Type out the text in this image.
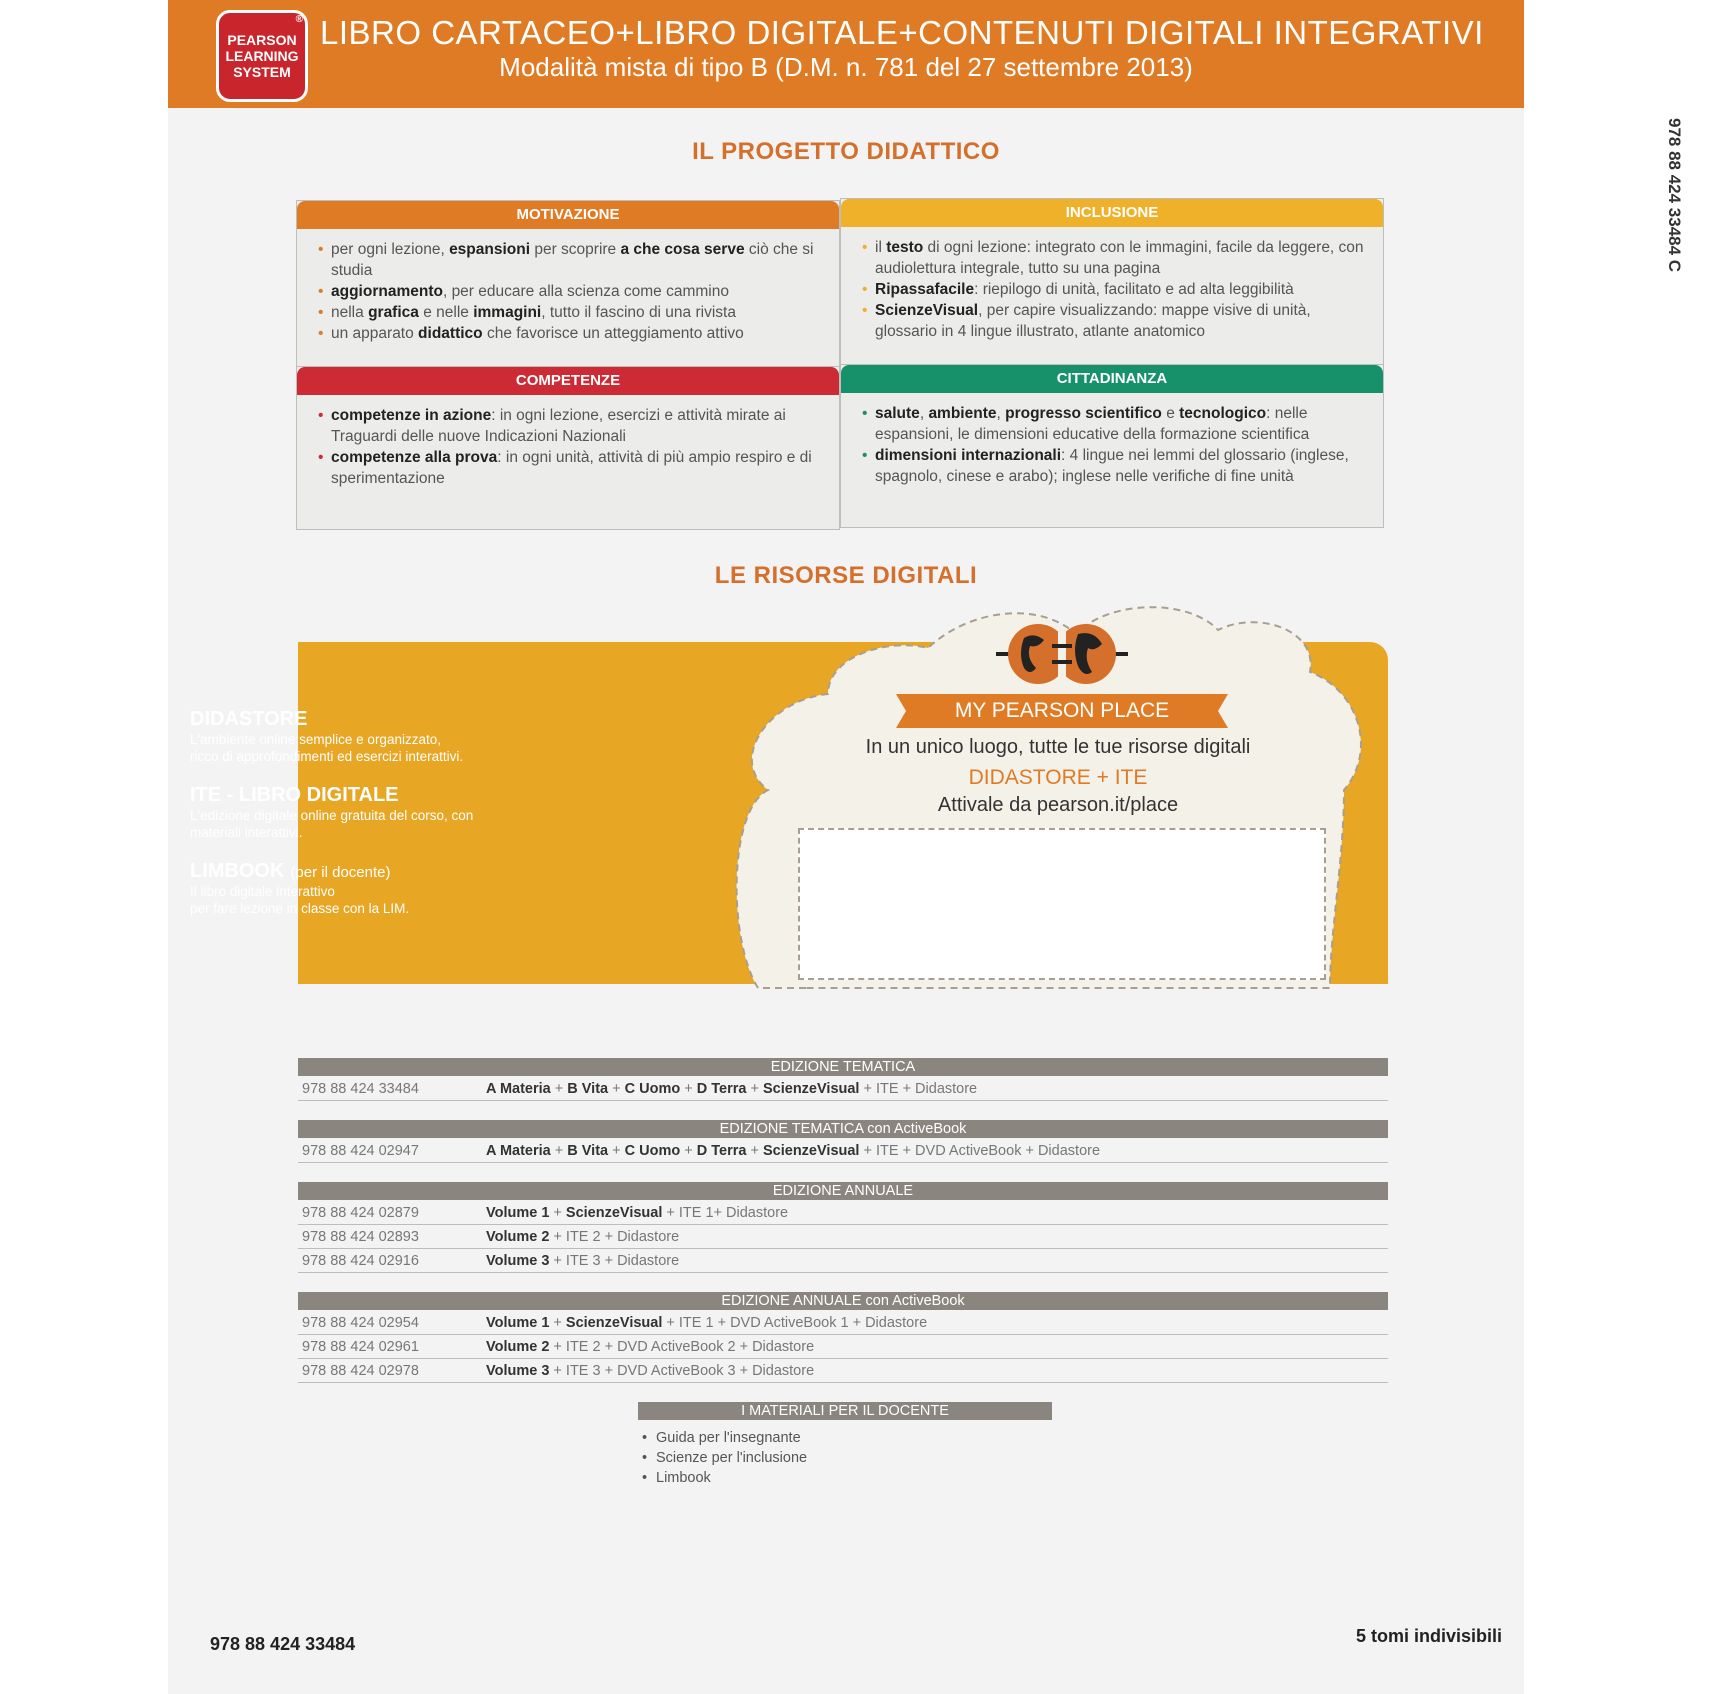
®
PEARSON
LEARNING
SYSTEM
LIBRO CARTACEO+LIBRO DIGITALE+CONTENUTI DIGITALI INTEGRATIVI
Modalità mista di tipo B (D.M. n. 781 del 27 settembre 2013)
978 88 424 33484 C
IL PROGETTO DIDATTICO
MOTIVAZIONE
• per ogni lezione, espansioni per scoprire a che cosa serve ciò che si studia
• aggiornamento, per educare alla scienza come cammino
• nella grafica e nelle immagini, tutto il fascino di una rivista
• un apparato didattico che favorisce un atteggiamento attivo
INCLUSIONE
• il testo di ogni lezione: integrato con le immagini, facile da leggere, con audiolettura integrale, tutto su una pagina
• Ripassafacile: riepilogo di unità, facilitato e ad alta leggibilità
• ScienzeVisual, per capire visualizzando: mappe visive di unità, glossario in 4 lingue illustrato, atlante anatomico
COMPETENZE
• competenze in azione: in ogni lezione, esercizi e attività mirate ai Traguardi delle nuove Indicazioni Nazionali
• competenze alla prova: in ogni unità, attività di più ampio respiro e di sperimentazione
CITTADINANZA
• salute, ambiente, progresso scientifico e tecnologico: nelle espansioni, le dimensioni educative della formazione scientifica
• dimensioni internazionali: 4 lingue nei lemmi del glossario (inglese, spagnolo, cinese e arabo); inglese nelle verifiche di fine unità
LE RISORSE DIGITALI
MY PEARSON PLACE
In un unico luogo, tutte le tue risorse digitali
DIDASTORE + ITE
Attivale da pearson.it/place
DIDASTORE
L'ambiente online semplice e organizzato,
ricco di approfondimenti ed esercizi interattivi.
ITE - LIBRO DIGITALE
L'edizione digitale online gratuita del corso, con
materiali interattivi.
LIMBOOK (per il docente)
Il libro digitale interattivo
per fare lezione in classe con la LIM.
EDIZIONE TEMATICA
978 88 424 33484	A Materia + B Vita + C Uomo + D Terra + ScienzeVisual + ITE + Didastore
EDIZIONE TEMATICA con ActiveBook
978 88 424 02947	A Materia + B Vita + C Uomo + D Terra + ScienzeVisual + ITE + DVD ActiveBook + Didastore
EDIZIONE ANNUALE
978 88 424 02879	Volume 1 + ScienzeVisual + ITE 1+ Didastore
978 88 424 02893	Volume 2 + ITE 2 + Didastore
978 88 424 02916	Volume 3 + ITE 3 + Didastore
EDIZIONE ANNUALE con ActiveBook
978 88 424 02954	Volume 1 + ScienzeVisual + ITE 1 + DVD ActiveBook 1 + Didastore
978 88 424 02961	Volume 2 + ITE 2 + DVD ActiveBook 2 + Didastore
978 88 424 02978	Volume 3 + ITE 3 + DVD ActiveBook 3 + Didastore
I MATERIALI PER IL DOCENTE
• Guida per l'insegnante
• Scienze per l'inclusione
• Limbook
978 88 424 33484	5 tomi indivisibili
